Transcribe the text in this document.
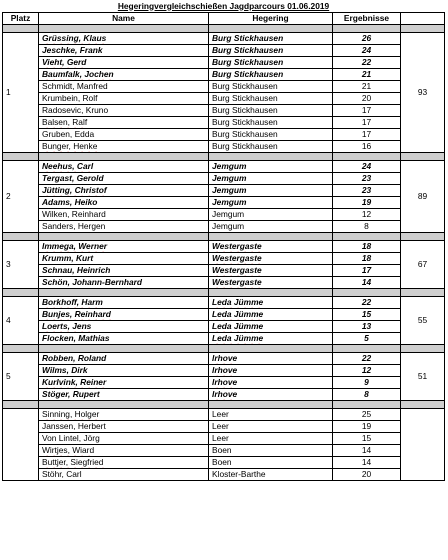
Hegeringvergleichschießen Jagdparcours 01.06.2019				
Platz	Name	Hegering	Ergebnisse	

1	Grüssing, Klaus	Burg Stickhausen	26	93
	Jeschke, Frank	Burg Stickhausen	24	
	Vieht, Gerd	Burg Stickhausen	22	
	Baumfalk, Jochen	Burg Stickhausen	21	
	Schmidt, Manfred	Burg Stickhausen	21	
	Krumbein, Rolf	Burg Stickhausen	20	
	Radosevic, Kruno	Burg Stickhausen	17	
	Balsen, Ralf	Burg Stickhausen	17	
	Gruben, Edda	Burg Stickhausen	17	
	Bunger, Henke	Burg Stickhausen	16	

2	Neehus, Carl	Jemgum	24	89
	Tergast, Gerold	Jemgum	23	
	Jütting, Christof	Jemgum	23	
	Adams, Heiko	Jemgum	19	
	Wilken, Reinhard	Jemgum	12	
	Sanders, Hergen	Jemgum	8	

3	Immega, Werner	Westergaste	18	67
	Krumm, Kurt	Westergaste	18	
	Schnau, Heinrich	Westergaste	17	
	Schön, Johann-Bernhard	Westergaste	14	

4	Borkhoff, Harm	Leda Jümme	22	55
	Bunjes, Reinhard	Leda Jümme	15	
	Loerts, Jens	Leda Jümme	13	
	Flocken, Mathias	Leda Jümme	5	

5	Robben, Roland	Irhove	22	51
	Wilms, Dirk	Irhove	12	
	Kurlvink, Reiner	Irhove	9	
	Stöger, Rupert	Irhove	8	

	Sinning, Holger	Leer	25	
	Janssen, Herbert	Leer	19	
	Von Lintel, Jörg	Leer	15	
	Wirtjes, Wiard	Boen	14	
	Buttjer, Siegfried	Boen	14	
	Stöhr, Carl	Kloster-Barthe	20	
